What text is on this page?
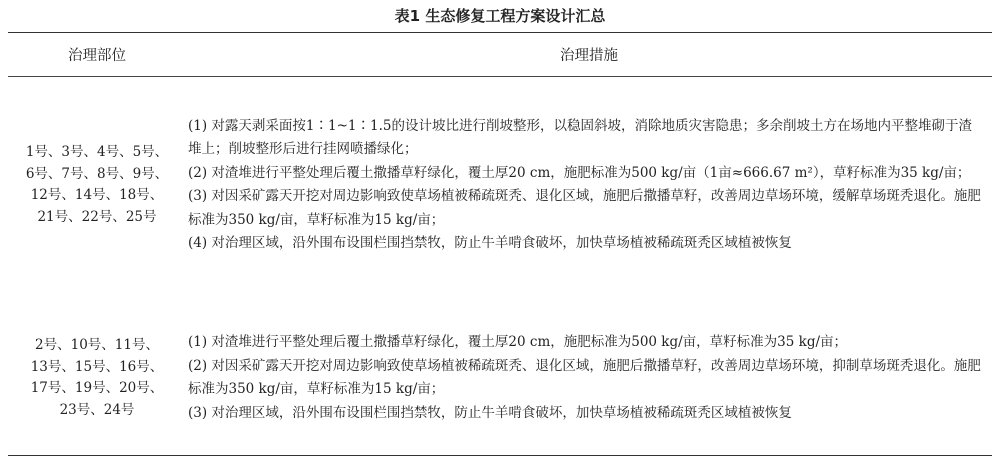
表1 生态修复工程方案设计汇总
治理部位	治理措施
1号、3号、4号、5号、
6号、7号、8号、9号、
12号、14号、18号、
21号、22号、25号
(1) 对露天剥采面按1∶1~1∶1.5的设计坡比进行削坡整形，以稳固斜坡，消除地质灾害隐患；多余削坡土方在场地内平整堆砌于渣堆上；削坡整形后进行挂网喷播绿化；
(2) 对渣堆进行平整处理后覆土撒播草籽绿化，覆土厚20 cm，施肥标准为500 kg/亩（1亩≈666.67 m²），草籽标准为35 kg/亩；
(3) 对因采矿露天开挖对周边影响致使草场植被稀疏斑秃、退化区域，施肥后撒播草籽，改善周边草场环境，缓解草场斑秃退化。施肥标准为350 kg/亩，草籽标准为15 kg/亩；
(4) 对治理区域，沿外围布设围栏围挡禁牧，防止牛羊啃食破坏，加快草场植被稀疏斑秃区域植被恢复
2号、10号、11号、
13号、15号、16号、
17号、19号、20号、
23号、24号
(1) 对渣堆进行平整处理后覆土撒播草籽绿化，覆土厚20 cm，施肥标准为500 kg/亩，草籽标准为35 kg/亩；
(2) 对因采矿露天开挖对周边影响致使草场植被稀疏斑秃、退化区域，施肥后撒播草籽，改善周边草场环境，抑制草场斑秃退化。施肥标准为350 kg/亩，草籽标准为15 kg/亩；
(3) 对治理区域，沿外围布设围栏围挡禁牧，防止牛羊啃食破坏，加快草场植被稀疏斑秃区域植被恢复
